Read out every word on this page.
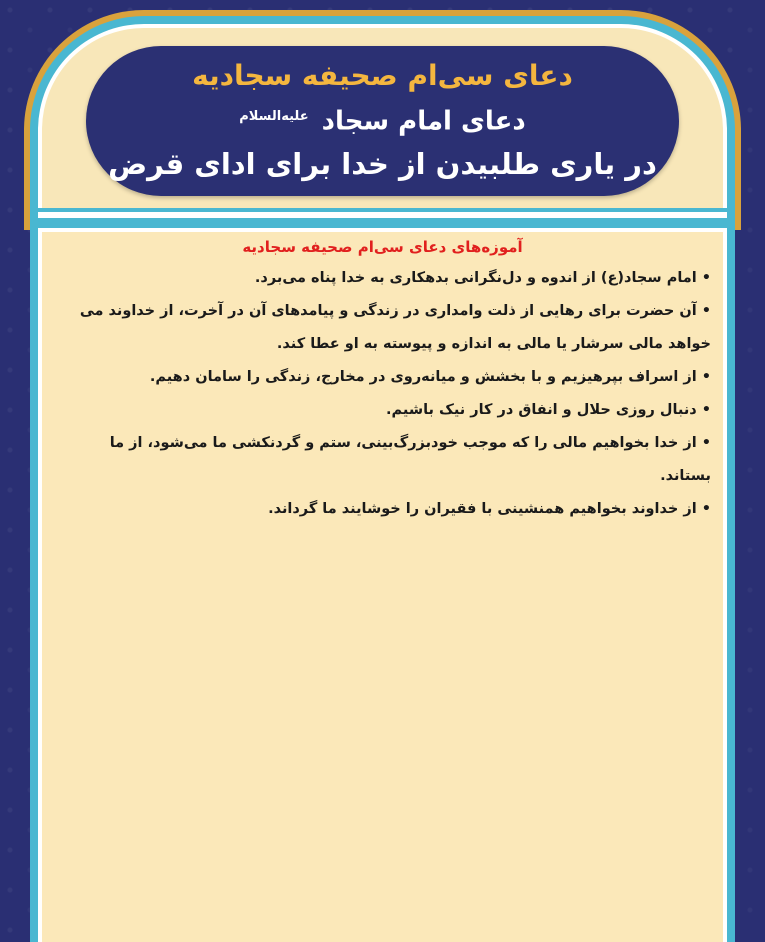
دعای سی‌ام صحیفه سجادیه

دعای امام سجاد $^{علیه‌السلام}$

در یاری طلبیدن از خدا برای ادای قرض

آموزه‌های دعای سی‌ام صحیفه سجادیه

•امام سجاد(ع) از اندوه و دل‌نگرانی بدهکاری به خدا پناه می‌برد.
•آن حضرت برای رهایی از ذلت وامداری در زندگی و پیامدهای آن در آخرت، از خداوند می خواهد مالی سرشار یا مالی به اندازه و پیوسته به او عطا کند.
•از اسراف بپرهیزیم و با بخشش و میانه‌روی در مخارج، زندگی را سامان دهیم.
•دنبال روزی حلال و انفاق در کار نیک باشیم.
•از خدا بخواهیم مالی را که موجب خودبزرگ‌بینی، ستم و گردنکشی ما می‌شود، از ما بستاند.
•از خداوند بخواهیم همنشینی با فقیران را خوشایند ما گرداند.
